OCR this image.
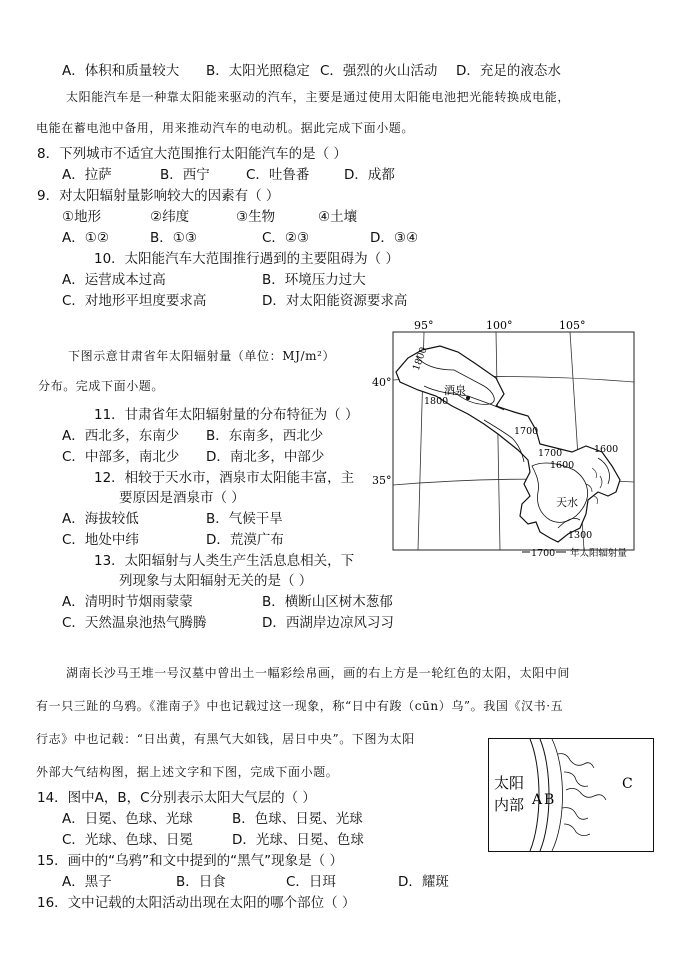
A．体积和质量较大 B．太阳光照稳定 C．强烈的火山活动 D．充足的液态水
太阳能汽车是一种靠太阳能来驱动的汽车，主要是通过使用太阳能电池把光能转换成电能，
电能在蓄电池中备用，用来推动汽车的电动机。据此完成下面小题。
8．下列城市不适宜大范围推行太阳能汽车的是（ ）
A．拉萨	B．西宁	C．吐鲁番	D．成都
9．对太阳辐射量影响较大的因素有（ ）
①地形	②纬度	③生物	④土壤
A．①②	B．①③	C．②③	D．③④
10．太阳能汽车大范围推行遇到的主要阻碍为（ ）
A．运营成本过高	B．环境压力过大
C．对地形平坦度要求高	D．对太阳能资源要求高
下图示意甘肃省年太阳辐射量（单位：MJ/m²）
分布。完成下面小题。
11．甘肃省年太阳辐射量的分布特征为（ ）
A．西北多，东南少 B．东南多，西北少
C．中部多，南北少 D．南北多，中部少
12．相较于天水市，酒泉市太阳能丰富，主
要原因是酒泉市（ ）
A．海拔较低	B．气候干旱
C．地处中纬	D．荒漠广布
13．太阳辐射与人类生产生活息息相关，下
列现象与太阳辐射无关的是（ ）
A．清明时节烟雨蒙蒙	B．横断山区树木葱郁
C．天然温泉池热气腾腾	D．西湖岸边凉风习习
95°	100°	105°
40°
35°
1800
1800
酒泉
1700
1700	1600
1600
天水
1300
1700 年太阳辐射量
湖南长沙马王堆一号汉墓中曾出土一幅彩绘帛画，画的右上方是一轮红色的太阳，太阳中间
有一只三趾的乌鸦。《淮南子》中也记载过这一现象，称“日中有踆（cūn）乌”。我国《汉书·五
行志》中也记载：“日出黄，有黑气大如钱，居日中央”。下图为太阳
外部大气结构图，据上述文字和下图，完成下面小题。
太阳
内部 A B
C
14．图中A，B，C分别表示太阳大气层的（ ）
A．日冕、色球、光球	B．色球、日冕、光球
C．光球、色球、日冕	D．光球、日冕、色球
15．画中的“乌鸦”和文中提到的“黑气”现象是（ ）
A．黑子	B．日食	C．日珥	D．耀斑
16．文中记载的太阳活动出现在太阳的哪个部位（ ）
